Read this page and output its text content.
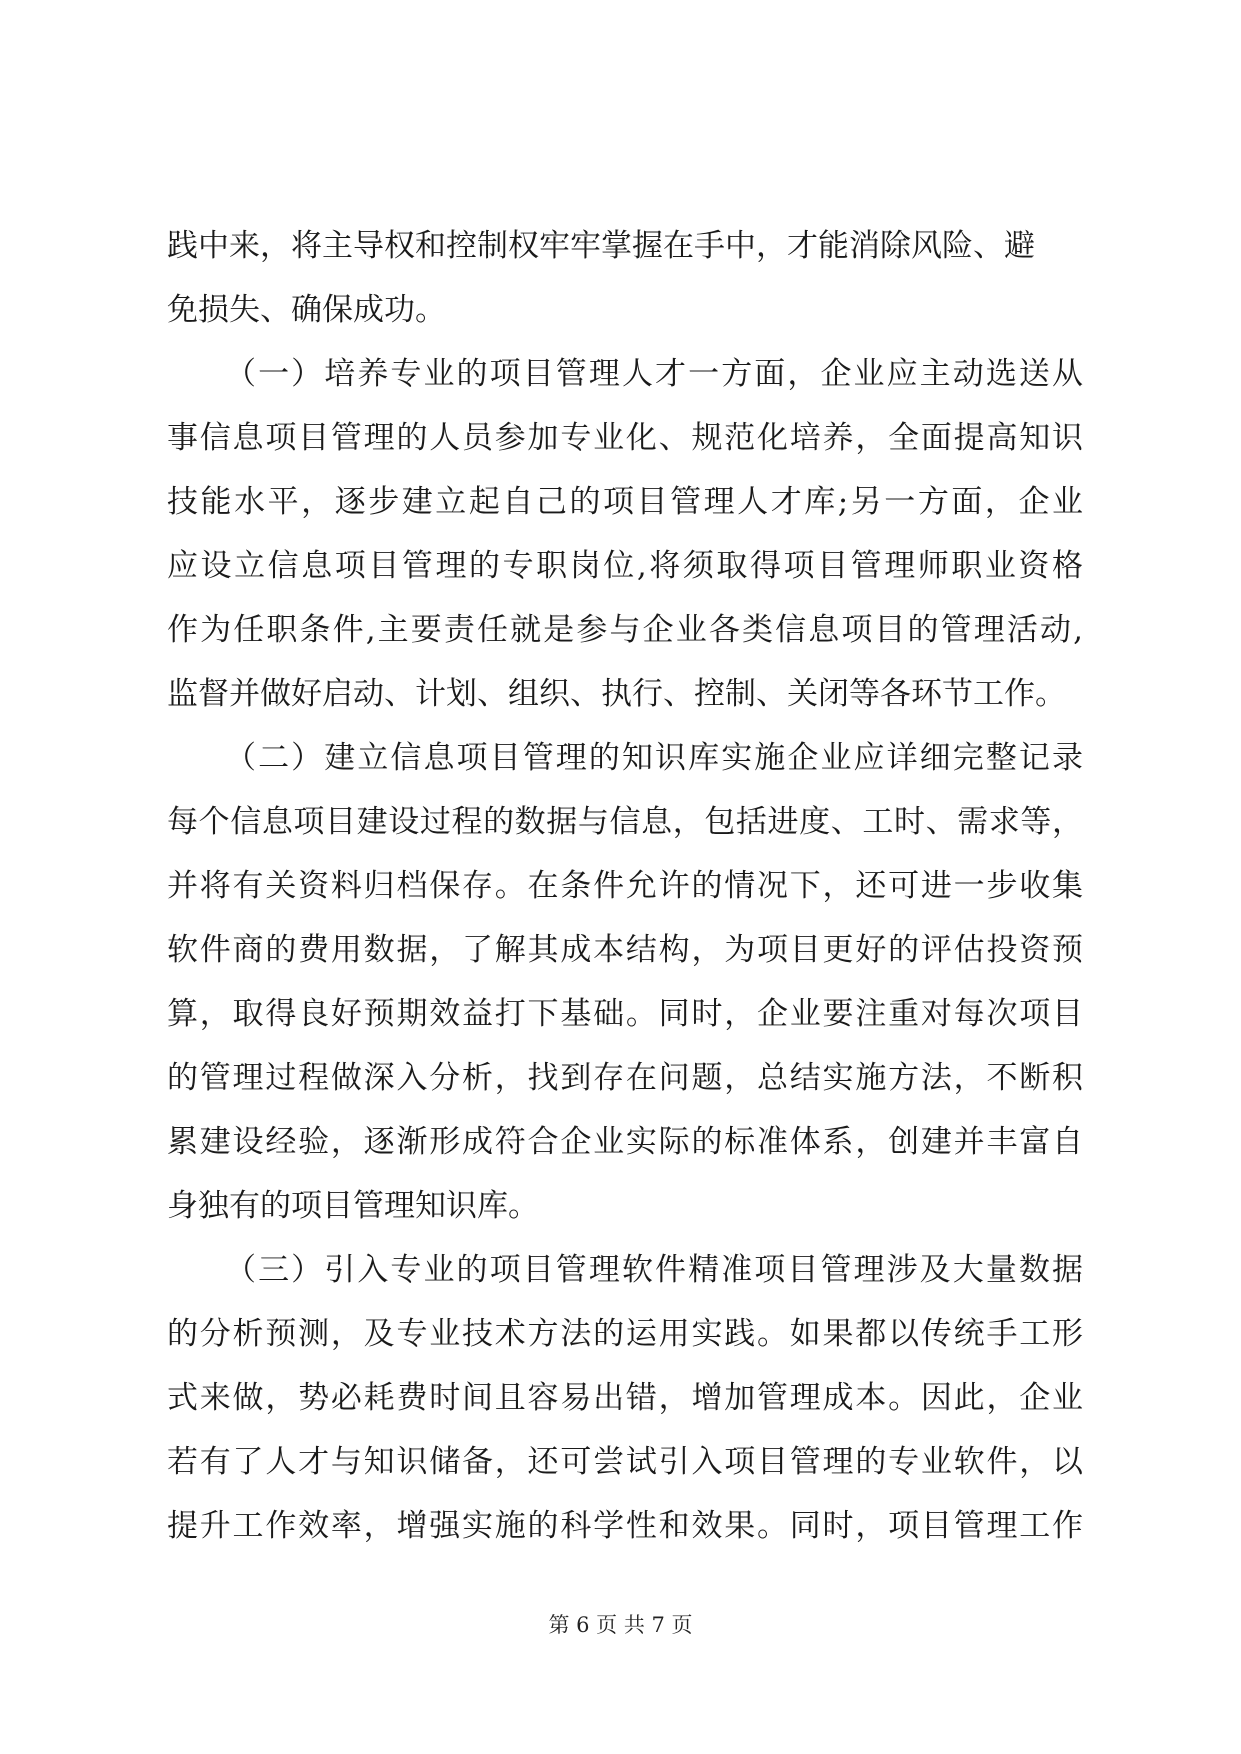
践中来，将主导权和控制权牢牢掌握在手中，才能消除风险、避
免损失、确保成功。
（一）培养专业的项目管理人才一方面，企业应主动选送从
事信息项目管理的人员参加专业化、规范化培养，全面提高知识
技能水平，逐步建立起自己的项目管理人才库;另一方面，企业
应设立信息项目管理的专职岗位,将须取得项目管理师职业资格
作为任职条件,主要责任就是参与企业各类信息项目的管理活动,
监督并做好启动、计划、组织、执行、控制、关闭等各环节工作。
（二）建立信息项目管理的知识库实施企业应详细完整记录
每个信息项目建设过程的数据与信息，包括进度、工时、需求等，
并将有关资料归档保存。在条件允许的情况下，还可进一步收集
软件商的费用数据，了解其成本结构，为项目更好的评估投资预
算，取得良好预期效益打下基础。同时，企业要注重对每次项目
的管理过程做深入分析，找到存在问题，总结实施方法，不断积
累建设经验，逐渐形成符合企业实际的标准体系，创建并丰富自
身独有的项目管理知识库。
（三）引入专业的项目管理软件精准项目管理涉及大量数据
的分析预测，及专业技术方法的运用实践。如果都以传统手工形
式来做，势必耗费时间且容易出错，增加管理成本。因此，企业
若有了人才与知识储备，还可尝试引入项目管理的专业软件，以
提升工作效率，增强实施的科学性和效果。同时，项目管理工作
第 6 页 共 7 页
